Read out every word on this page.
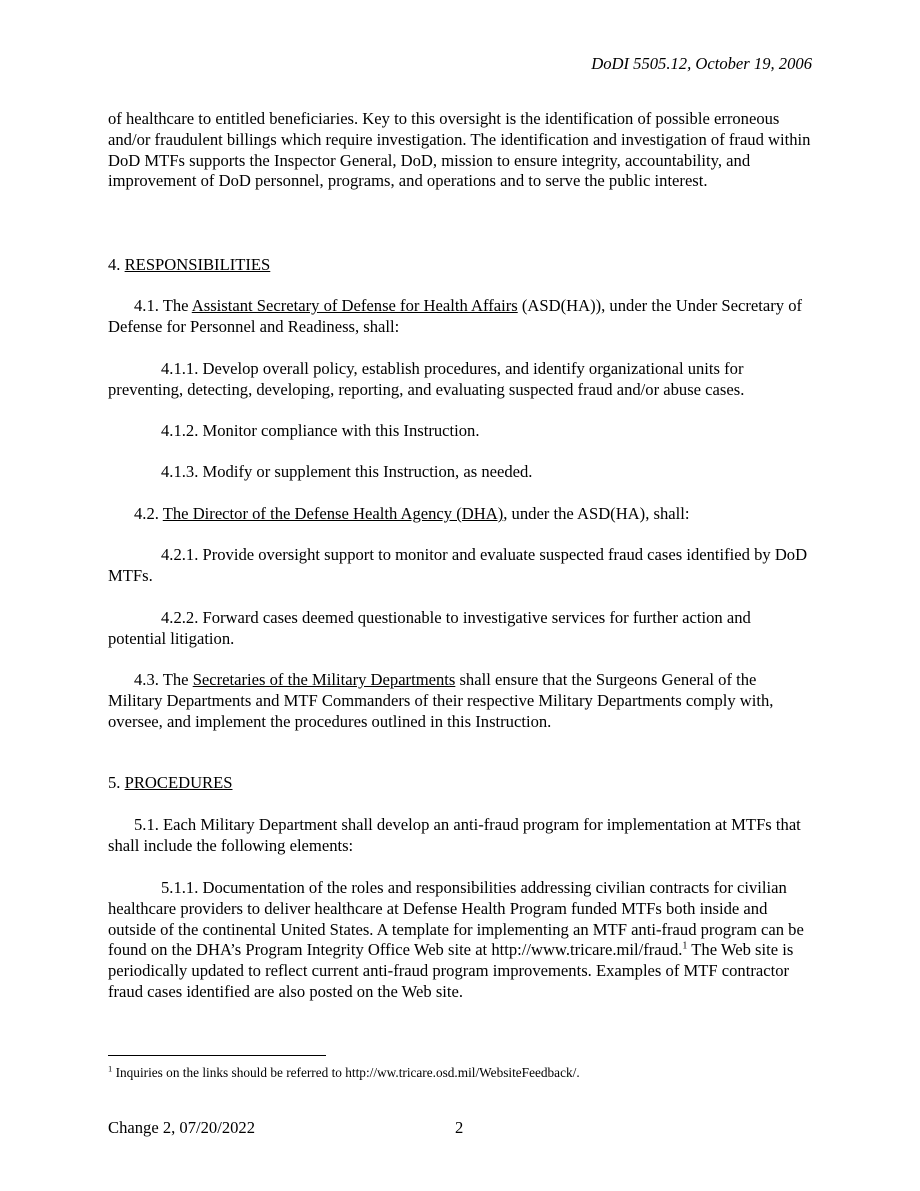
DoDI 5505.12, October 19, 2006

of healthcare to entitled beneficiaries. Key to this oversight is the identification of possible erroneous and/or fraudulent billings which require investigation. The identification and investigation of fraud within DoD MTFs supports the Inspector General, DoD, mission to ensure integrity, accountability, and improvement of DoD personnel, programs, and operations and to serve the public interest.

4. RESPONSIBILITIES

4.1. The Assistant Secretary of Defense for Health Affairs (ASD(HA)), under the Under Secretary of Defense for Personnel and Readiness, shall:

4.1.1. Develop overall policy, establish procedures, and identify organizational units for preventing, detecting, developing, reporting, and evaluating suspected fraud and/or abuse cases.

4.1.2. Monitor compliance with this Instruction.

4.1.3. Modify or supplement this Instruction, as needed.

4.2. The Director of the Defense Health Agency (DHA), under the ASD(HA), shall:

4.2.1. Provide oversight support to monitor and evaluate suspected fraud cases identified by DoD MTFs.

4.2.2. Forward cases deemed questionable to investigative services for further action and potential litigation.

4.3. The Secretaries of the Military Departments shall ensure that the Surgeons General of the Military Departments and MTF Commanders of their respective Military Departments comply with, oversee, and implement the procedures outlined in this Instruction.

5. PROCEDURES

5.1. Each Military Department shall develop an anti-fraud program for implementation at MTFs that shall include the following elements:

5.1.1. Documentation of the roles and responsibilities addressing civilian contracts for civilian healthcare providers to deliver healthcare at Defense Health Program funded MTFs both inside and outside of the continental United States. A template for implementing an MTF anti-fraud program can be found on the DHA’s Program Integrity Office Web site at http://www.tricare.mil/fraud.$^1$ The Web site is periodically updated to reflect current anti-fraud program improvements. Examples of MTF contractor fraud cases identified are also posted on the Web site.

$^1$ Inquiries on the links should be referred to http://ww.tricare.osd.mil/WebsiteFeedback/.
Change 2, 07/20/2022	2
